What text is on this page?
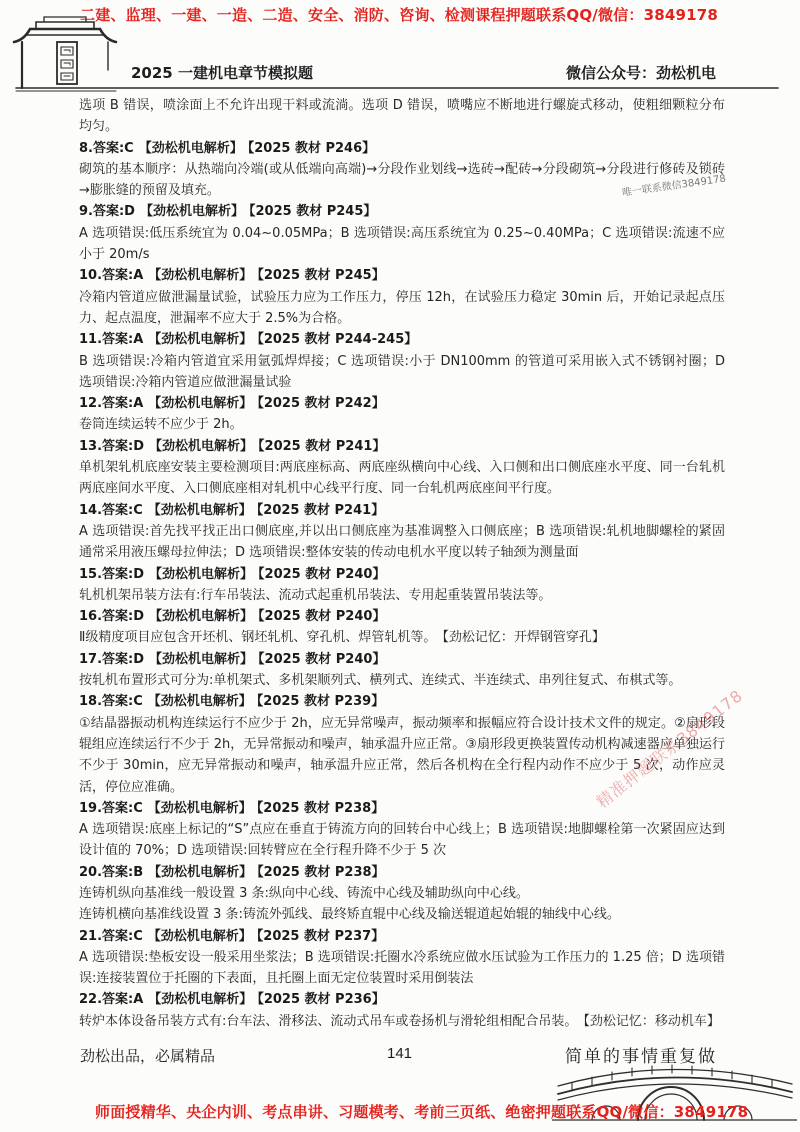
二建、监理、一建、一造、二造、安全、消防、咨询、检测课程押题联系QQ/微信：3849178
2025 一建机电章节模拟题	微信公众号：劲松机电

选项 B 错误，喷涂面上不允许出现干料或流淌。选项 D 错误，喷嘴应不断地进行螺旋式移动，使粗细颗粒分布均匀。

8.答案:C 【劲松机电解析】 【2025 教材 P246】

砌筑的基本顺序：从热端向冷端(或从低端向高端)→分段作业划线→选砖→配砖→分段砌筑→分段进行修砖及锁砖→膨胀缝的预留及填充。

9.答案:D 【劲松机电解析】 【2025 教材 P245】

A 选项错误:低压系统宜为 0.04~0.05MPa；B 选项错误:高压系统宜为 0.25~0.40MPa；C 选项错误:流速不应小于 20m/s

10.答案:A 【劲松机电解析】 【2025 教材 P245】

冷箱内管道应做泄漏量试验，试验压力应为工作压力，停压 12h，在试验压力稳定 30min 后，开始记录起点压力、起点温度，泄漏率不应大于 2.5%为合格。

11.答案:A 【劲松机电解析】 【2025 教材 P244-245】

B 选项错误:冷箱内管道宜采用氩弧焊焊接；C 选项错误:小于 DN100mm 的管道可采用嵌入式不锈钢衬圈；D 选项错误:冷箱内管道应做泄漏量试验

12.答案:A 【劲松机电解析】 【2025 教材 P242】

卷筒连续运转不应少于 2h。

13.答案:D 【劲松机电解析】 【2025 教材 P241】

单机架轧机底座安装主要检测项目:两底座标高、两底座纵横向中心线、入口侧和出口侧底座水平度、同一台轧机两底座间水平度、入口侧底座相对轧机中心线平行度、同一台轧机两底座间平行度。

14.答案:C 【劲松机电解析】 【2025 教材 P241】

A 选项错误:首先找平找正出口侧底座,并以出口侧底座为基准调整入口侧底座；B 选项错误:轧机地脚螺栓的紧固通常采用液压螺母拉伸法；D 选项错误:整体安装的传动电机水平度以转子轴颈为测量面

15.答案:D 【劲松机电解析】 【2025 教材 P240】

轧机机架吊装方法有:行车吊装法、流动式起重机吊装法、专用起重装置吊装法等。

16.答案:D 【劲松机电解析】 【2025 教材 P240】

Ⅱ级精度项目应包含开坯机、钢坯轧机、穿孔机、焊管轧机等。 【劲松记忆：开焊钢管穿孔】

17.答案:D 【劲松机电解析】 【2025 教材 P240】

按轧机布置形式可分为:单机架式、多机架顺列式、横列式、连续式、半连续式、串列往复式、布棋式等。

18.答案:C 【劲松机电解析】 【2025 教材 P239】

①结晶器振动机构连续运行不应少于 2h，应无异常噪声，振动频率和振幅应符合设计技术文件的规定。②扇形段辊组应连续运行不少于 2h，无异常振动和噪声，轴承温升应正常。③扇形段更换装置传动机构减速器应单独运行不少于 30min，应无异常振动和噪声，轴承温升应正常，然后各机构在全行程内动作不应少于 5 次，动作应灵活，停位应准确。

19.答案:C 【劲松机电解析】 【2025 教材 P238】

A 选项错误:底座上标记的“S”点应在垂直于铸流方向的回转台中心线上；B 选项错误:地脚螺栓第一次紧固应达到设计值的 70%；D 选项错误:回转臂应在全行程升降不少于 5 次

20.答案:B 【劲松机电解析】 【2025 教材 P238】

连铸机纵向基准线一般设置 3 条:纵向中心线、铸流中心线及辅助纵向中心线。

连铸机横向基准线设置 3 条:铸流外弧线、最终矫直辊中心线及输送辊道起始辊的轴线中心线。

21.答案:C 【劲松机电解析】 【2025 教材 P237】

A 选项错误:垫板安设一般采用坐浆法；B 选项错误:托圈水冷系统应做水压试验为工作压力的 1.25 倍；D 选项错误:连接装置位于托圈的下表面，且托圈上面无定位装置时采用倒装法

22.答案:A 【劲松机电解析】 【2025 教材 P236】

转炉本体设备吊装方式有:台车法、滑移法、流动式吊车或卷扬机与滑轮组相配合吊装。 【劲松记忆：移动机车】

唯一联系微信3849178
精准押题联系3849178
劲松出品，必属精品	141	简单的事情重复做
师面授精华、央企内训、考点串讲、习题模考、考前三页纸、绝密押题联系QQ/微信：3849178
